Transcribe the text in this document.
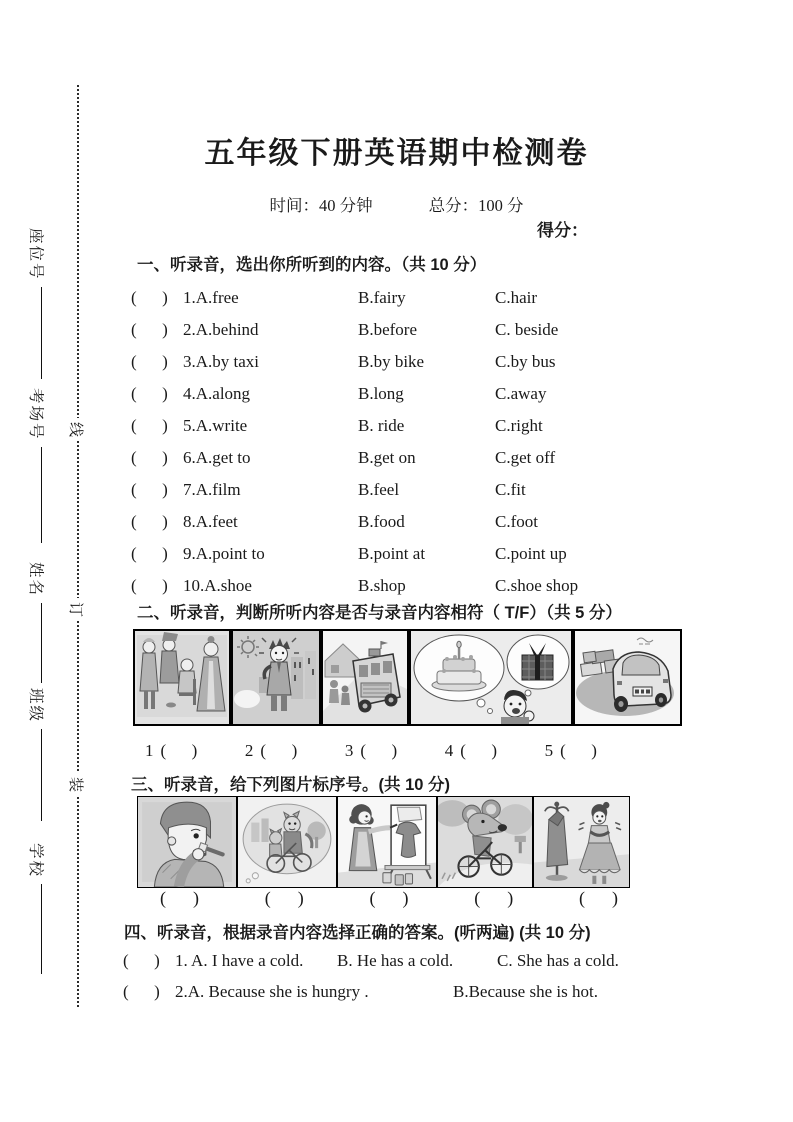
线
订
装
座位号
考场号
姓名
班级
学校
五年级下册英语期中检测卷
时间：40 分钟	总分：100 分
得分：
一、听录音，选出你所听到的内容。（共 10 分）
(      ) 1.A.free	B.fairy	C.hair
(      ) 2.A.behind	B.before	C. beside
(      ) 3.A.by taxi	B.by bike	C.by bus
(      ) 4.A.along	B.long	C.away
(      ) 5.A.write	B. ride	C.right
(      ) 6.A.get to	B.get on	C.get off
(      ) 7.A.film	B.feel	C.fit
(      ) 8.A.feet	B.food	C.foot
(      ) 9.A.point to	B.point at	C.point up
(      ) 10.A.shoe	B.shop	C.shoe shop
二、听录音，判断所听内容是否与录音内容相符（ T/F）（共 5 分）
1 (      )	2 (      )	3 (      )	4 (      )	5 (      )
三、听录音，给下列图片标序号。(共 10 分)
(      )	(      )	(      )	(      )	(      )
四、听录音，根据录音内容选择正确的答案。(听两遍) (共 10 分)
(      ) 1. A. I have a cold.	B. He has a cold.	C. She has a cold.
(      ) 2.A. Because she is hungry .	B.Because she is hot.
